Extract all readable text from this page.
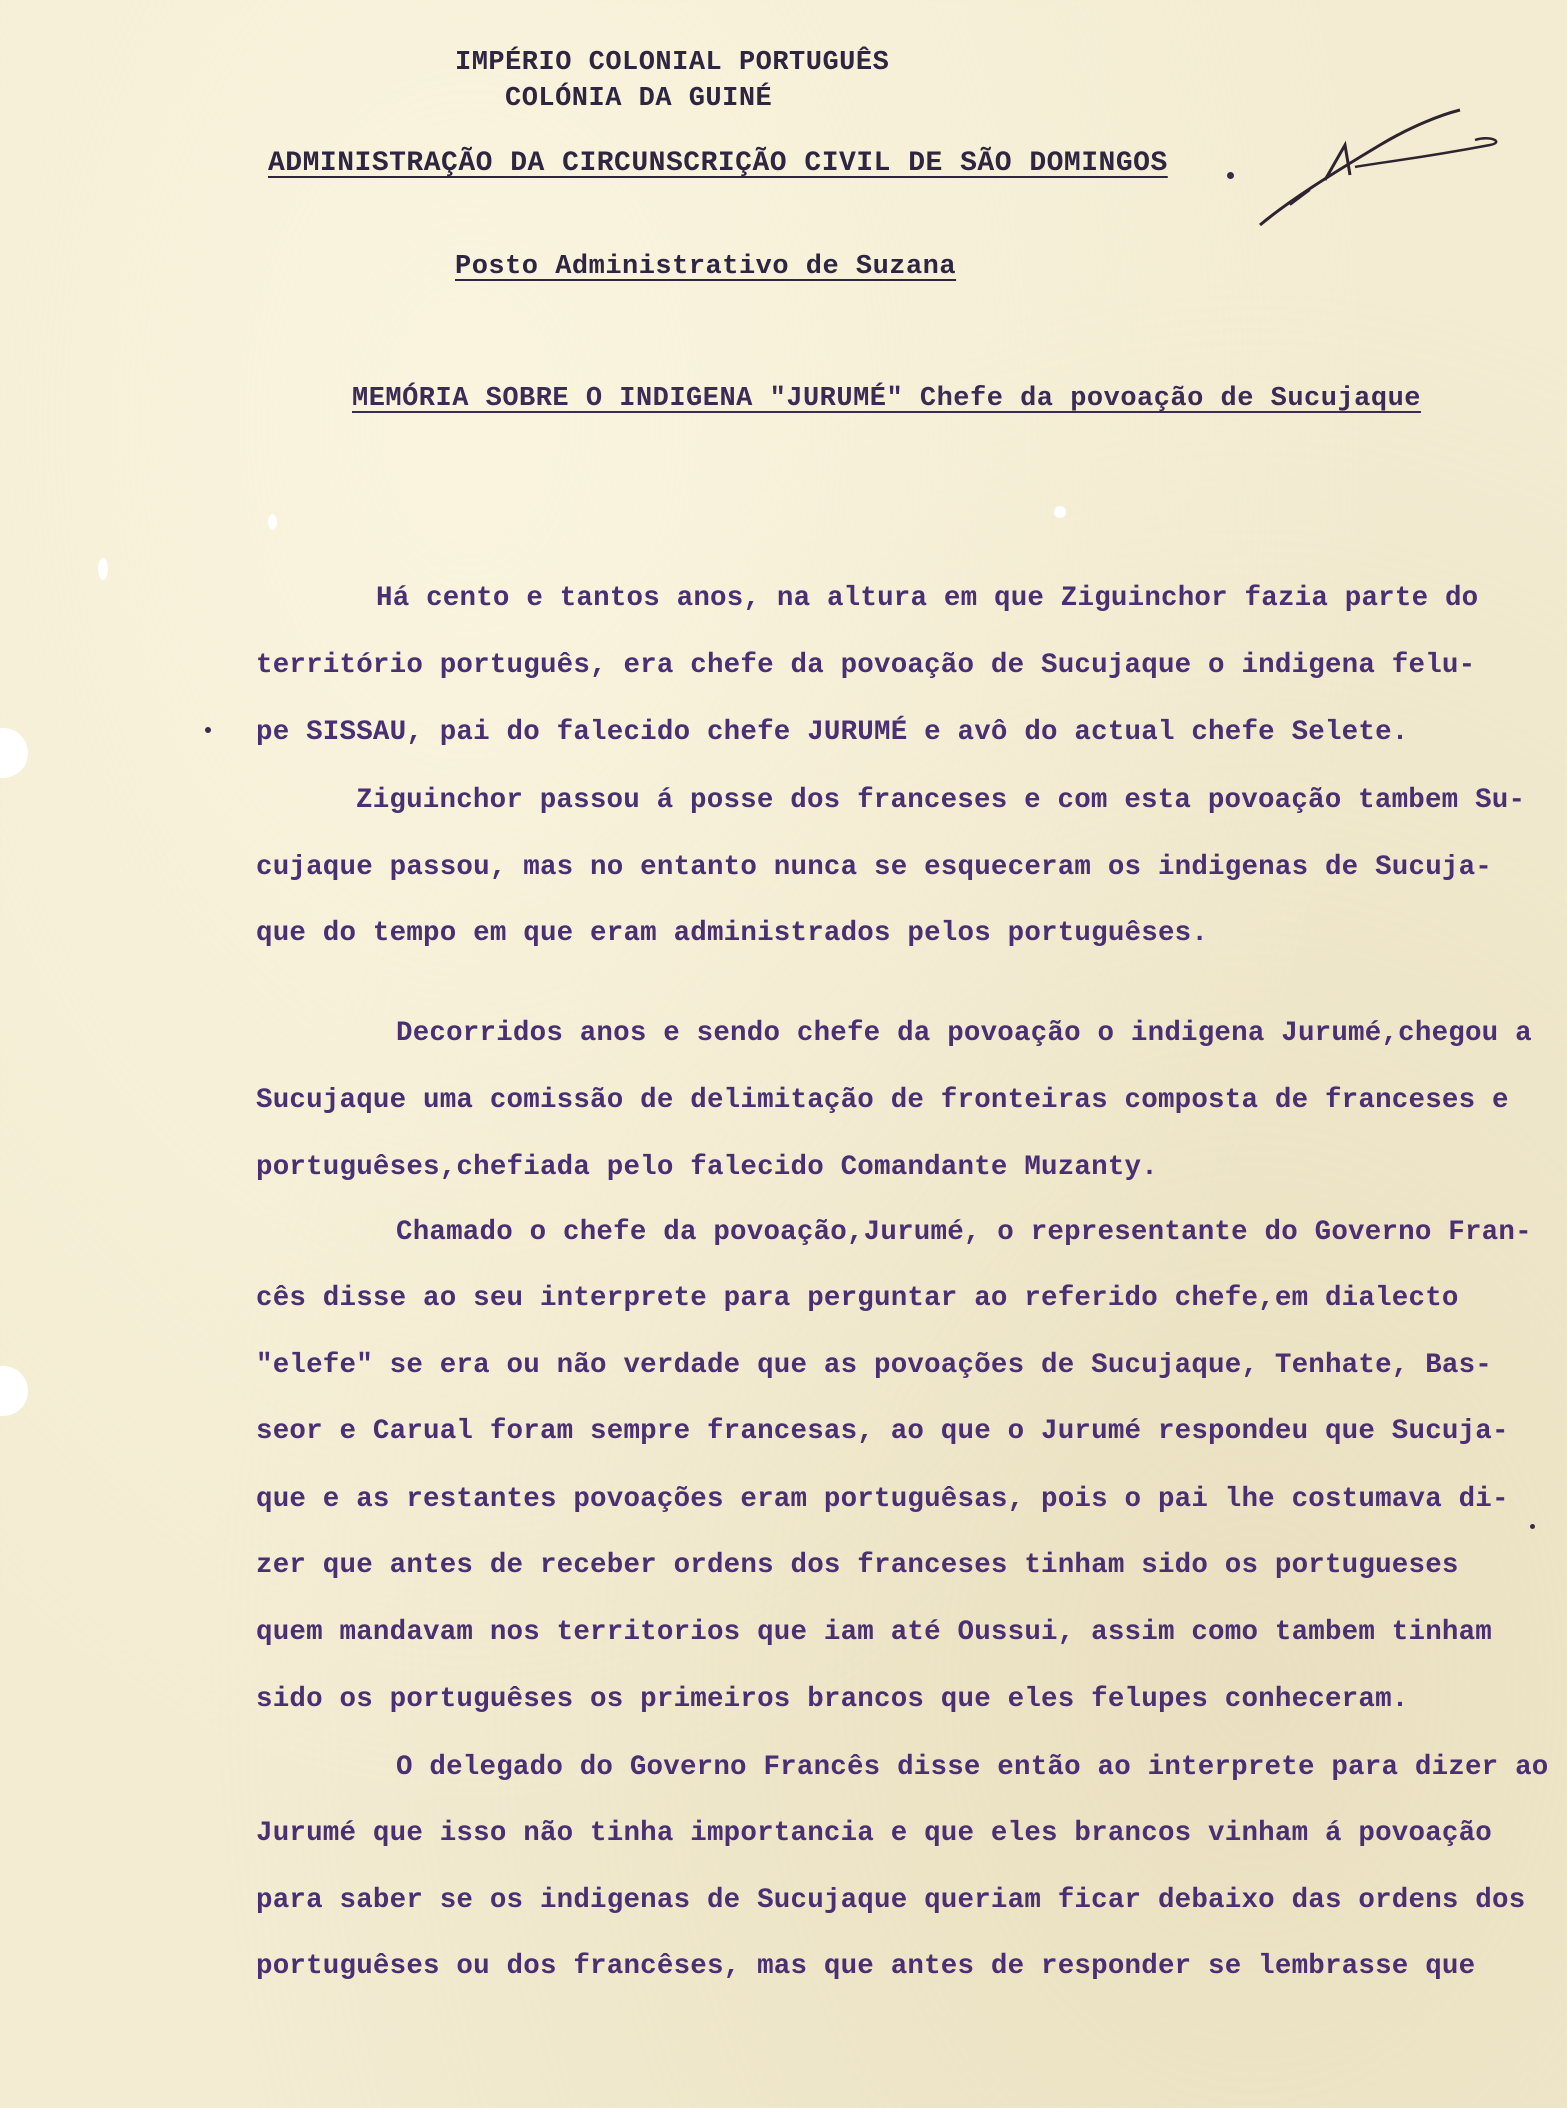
IMPÉRIO COLONIAL PORTUGUÊS
COLÓNIA DA GUINÉ
ADMINISTRAÇÃO DA CIRCUNSCRIÇÃO CIVIL DE SÃO DOMINGOS
Posto Administrativo de Suzana
MEMÓRIA SOBRE O INDIGENA "JURUMÉ" Chefe da povoação de Sucujaque
Há cento e tantos anos, na altura em que Ziguinchor fazia parte do
território português, era chefe da povoação de Sucujaque o indigena felu-
pe SISSAU, pai do falecido chefe JURUMÉ e avô do actual chefe Selete.
Ziguinchor passou á posse dos franceses e com esta povoação tambem Su-
cujaque passou, mas no entanto nunca se esqueceram os indigenas de Sucuja-
que do tempo em que eram administrados pelos portuguêses.
Decorridos anos e sendo chefe da povoação o indigena Jurumé,chegou a
Sucujaque uma comissão de delimitação de fronteiras composta de franceses e
portuguêses,chefiada pelo falecido Comandante Muzanty.
Chamado o chefe da povoação,Jurumé, o representante do Governo Fran-
cês disse ao seu interprete para perguntar ao referido chefe,em dialecto
"elefe" se era ou não verdade que as povoações de Sucujaque, Tenhate, Bas-
seor e Carual foram sempre francesas, ao que o Jurumé respondeu que Sucuja-
que e as restantes povoações eram portuguêsas, pois o pai lhe costumava di-
zer que antes de receber ordens dos franceses tinham sido os portugueses
quem mandavam nos territorios que iam até Oussui, assim como tambem tinham
sido os portuguêses os primeiros brancos que eles felupes conheceram.
O delegado do Governo Francês disse então ao interprete para dizer ao
Jurumé que isso não tinha importancia e que eles brancos vinham á povoação
para saber se os indigenas de Sucujaque queriam ficar debaixo das ordens dos
portuguêses ou dos francêses, mas que antes de responder se lembrasse que
